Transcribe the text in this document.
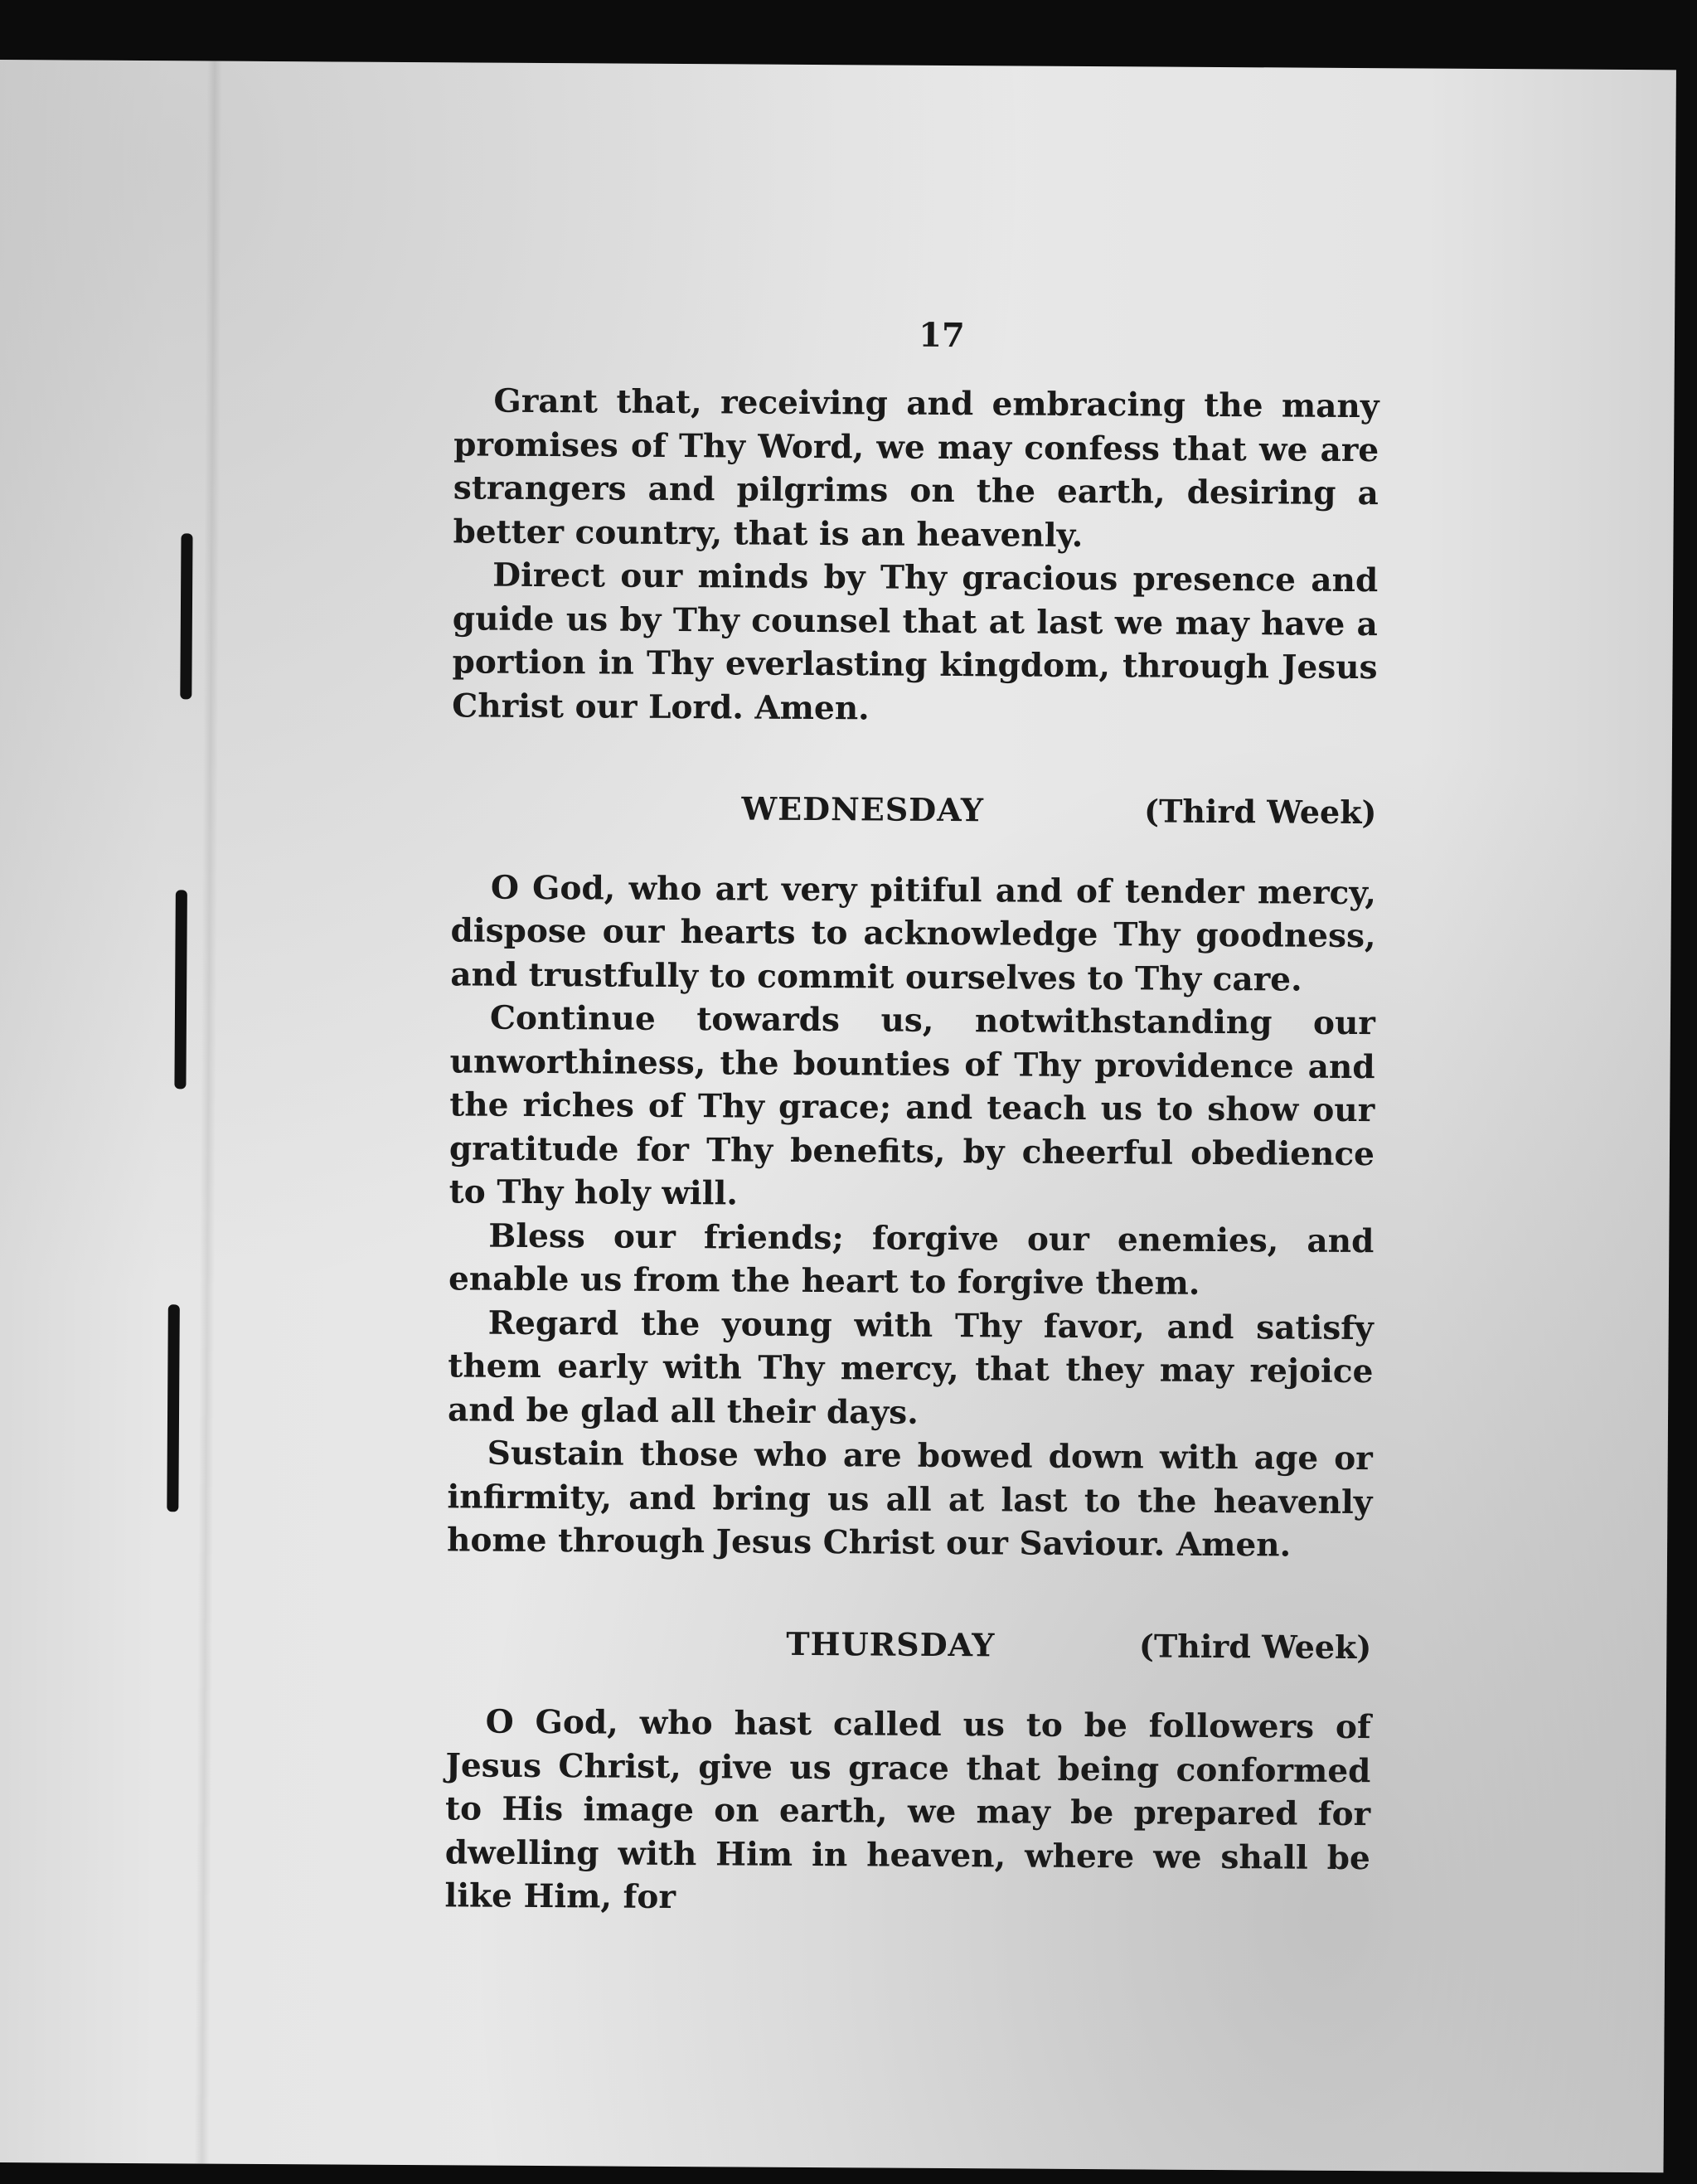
17

Grant that, receiving and embracing the many promises of Thy Word, we may confess that we are strangers and pilgrims on the earth, desiring a better country, that is an heavenly.

Direct our minds by Thy gracious presence and guide us by Thy counsel that at last we may have a portion in Thy everlasting kingdom, through Jesus Christ our Lord. Amen.

WEDNESDAY	(Third Week)

O God, who art very pitiful and of tender mercy, dispose our hearts to acknowledge Thy goodness, and trustfully to commit ourselves to Thy care.

Continue towards us, notwithstanding our unworthiness, the bounties of Thy providence and the riches of Thy grace; and teach us to show our gratitude for Thy benefits, by cheerful obedience to Thy holy will.

Bless our friends; forgive our enemies, and enable us from the heart to forgive them.

Regard the young with Thy favor, and satisfy them early with Thy mercy, that they may rejoice and be glad all their days.

Sustain those who are bowed down with age or infirmity, and bring us all at last to the heavenly home through Jesus Christ our Saviour. Amen.

THURSDAY	(Third Week)

O God, who hast called us to be followers of Jesus Christ, give us grace that being conformed to His image on earth, we may be prepared for dwelling with Him in heaven, where we shall be like Him, for
